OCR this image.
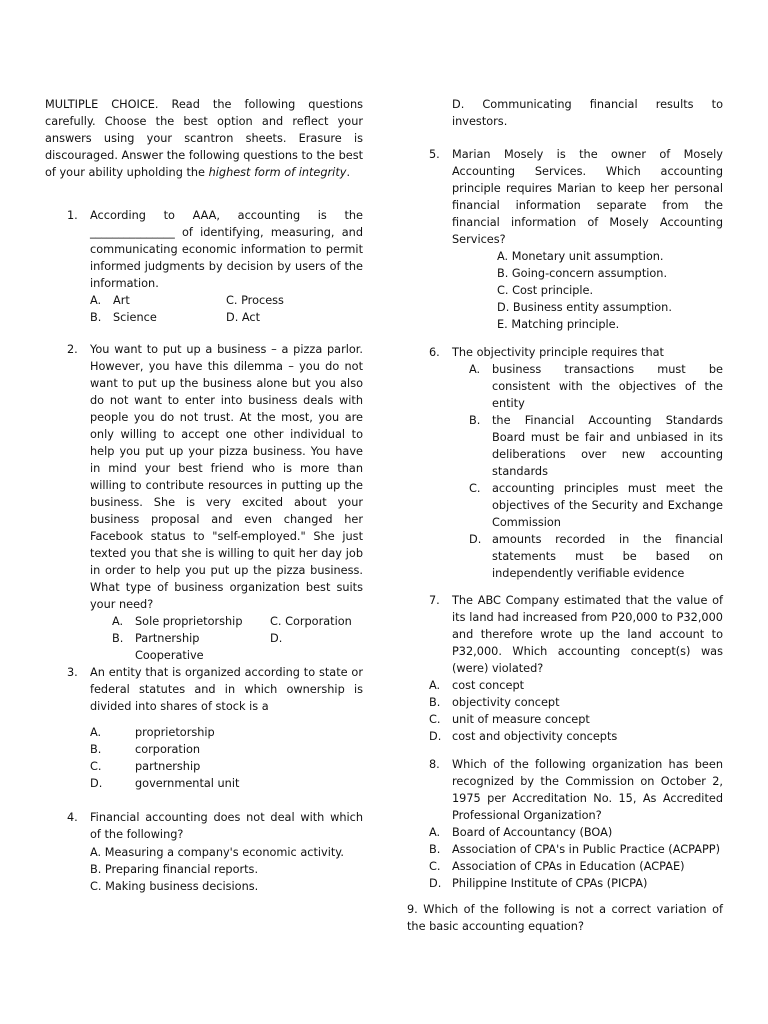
MULTIPLE CHOICE. Read the following questions carefully. Choose the best option and reflect your answers using your scantron sheets. Erasure is discouraged. Answer the following questions to the best of your ability upholding the highest form of integrity.
1. According to AAA, accounting is the _______________ of identifying, measuring, and communicating economic information to permit informed judgments by decision by users of the information.
A. Art	C. Process
B. Science	D. Act
2. You want to put up a business – a pizza parlor. However, you have this dilemma – you do not want to put up the business alone but you also do not want to enter into business deals with people you do not trust. At the most, you are only willing to accept one other individual to help you put up your pizza business. You have in mind your best friend who is more than willing to contribute resources in putting up the business. She is very excited about your business proposal and even changed her Facebook status to "self-employed." She just texted you that she is willing to quit her day job in order to help you put up the pizza business. What type of business organization best suits your need?
A. Sole proprietorship C. Corporation
B. Partnership	D.
Cooperative
3. An entity that is organized according to state or federal statutes and in which ownership is divided into shares of stock is a
A.	proprietorship
B.	corporation
C.	partnership
D.	governmental unit
4. Financial accounting does not deal with which of the following?
A. Measuring a company's economic activity.
B. Preparing financial reports.
C. Making business decisions.
D. Communicating financial results to investors.
5. Marian Mosely is the owner of Mosely Accounting Services. Which accounting principle requires Marian to keep her personal financial information separate from the financial information of Mosely Accounting Services?
A. Monetary unit assumption.
B. Going-concern assumption.
C. Cost principle.
D. Business entity assumption.
E. Matching principle.
6. The objectivity principle requires that
A. business transactions must be consistent with the objectives of the entity
B. the Financial Accounting Standards Board must be fair and unbiased in its deliberations over new accounting standards
C. accounting principles must meet the objectives of the Security and Exchange Commission
D. amounts recorded in the financial statements must be based on independently verifiable evidence
7. The ABC Company estimated that the value of its land had increased from P20,000 to P32,000 and therefore wrote up the land account to P32,000. Which accounting concept(s) was (were) violated?
A. cost concept
B. objectivity concept
C. unit of measure concept
D. cost and objectivity concepts
8. Which of the following organization has been recognized by the Commission on October 2, 1975 per Accreditation No. 15, As Accredited Professional Organization?
A. Board of Accountancy (BOA)
B. Association of CPA's in Public Practice (ACPAPP)
C. Association of CPAs in Education (ACPAE)
D. Philippine Institute of CPAs (PICPA)
9. Which of the following is not a correct variation of the basic accounting equation?
